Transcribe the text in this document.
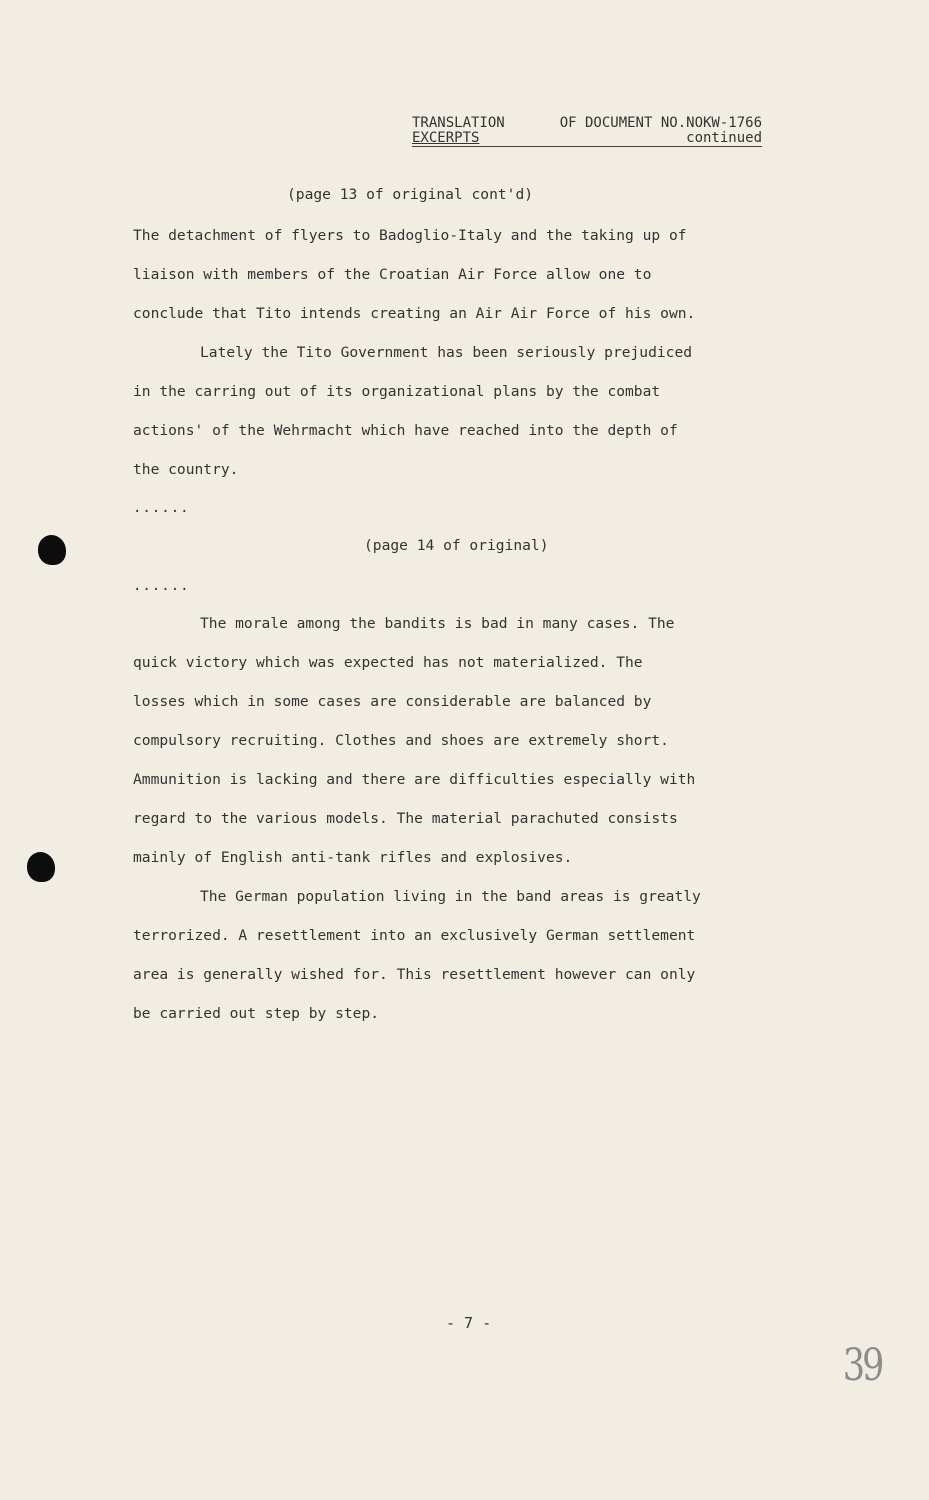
TRANSLATION	OF DOCUMENT NO.NOKW-1766
EXCERPTS	continued
(page 13 of original cont'd)
The detachment of flyers to Badoglio-Italy and the taking up of
liaison with members of the Croatian Air Force allow one to
conclude that Tito intends creating an Air Air Force of his own.
Lately the Tito Government has been seriously prejudiced
in the carring out of its organizational plans by the combat
actions' of the Wehrmacht which have reached into the depth of
the country.
......
(page 14 of original)
......
The morale among the bandits is bad in many cases. The
quick victory which was expected has not materialized. The
losses which in some cases are considerable are balanced by
compulsory recruiting. Clothes and shoes are extremely short.
Ammunition is lacking and there are difficulties especially with
regard to the various models. The material parachuted consists
mainly of English anti-tank rifles and explosives.
The German population living in the band areas is greatly
terrorized. A resettlement into an exclusively German settlement
area is generally wished for. This resettlement however can only
be carried out step by step.
- 7 -
39
